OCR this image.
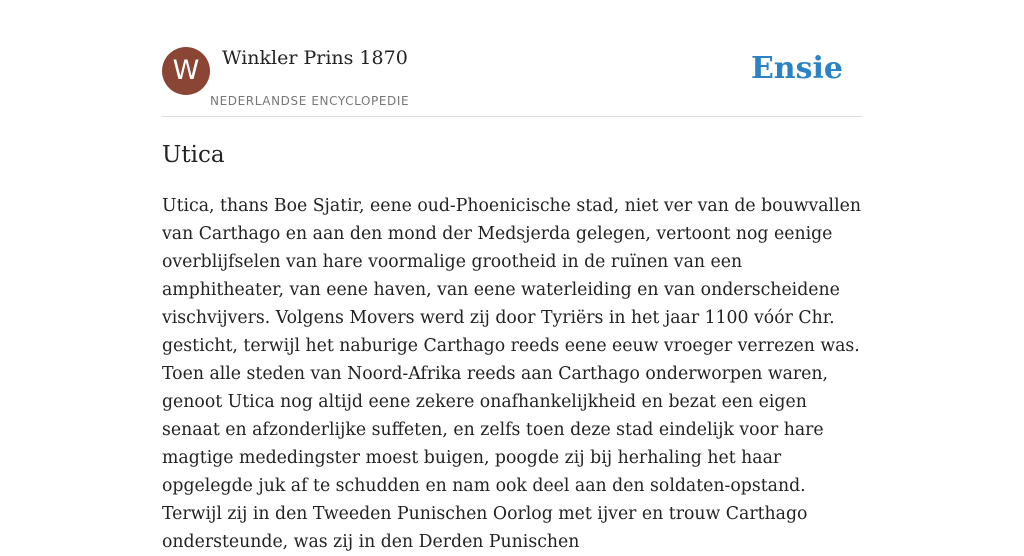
W	Winkler Prins 1870
NEDERLANDSE ENCYCLOPEDIE
Ensie
Utica

Utica, thans Boe Sjatir, eene oud-Phoenicische stad, niet ver van de bouwvallen van Carthago en aan den mond der Medsjerda gelegen, vertoont nog eenige overblijfselen van hare voormalige grootheid in de ruïnen van een amphitheater, van eene haven, van eene waterleiding en van onderscheidene vischvijvers. Volgens Movers werd zij door Tyriërs in het jaar 1100 vóór Chr. gesticht, terwijl het naburige Carthago reeds eene eeuw vroeger verrezen was. Toen alle steden van Noord-Afrika reeds aan Carthago onderworpen waren, genoot Utica nog altijd eene zekere onafhankelijkheid en bezat een eigen senaat en afzonderlijke suffeten, en zelfs toen deze stad eindelijk voor hare magtige mededingster moest buigen, poogde zij bij herhaling het haar opgelegde juk af te schudden en nam ook deel aan den soldaten-opstand. Terwijl zij in den Tweeden Punischen Oorlog met ijver en trouw Carthago ondersteunde, was zij in den Derden Punischen
